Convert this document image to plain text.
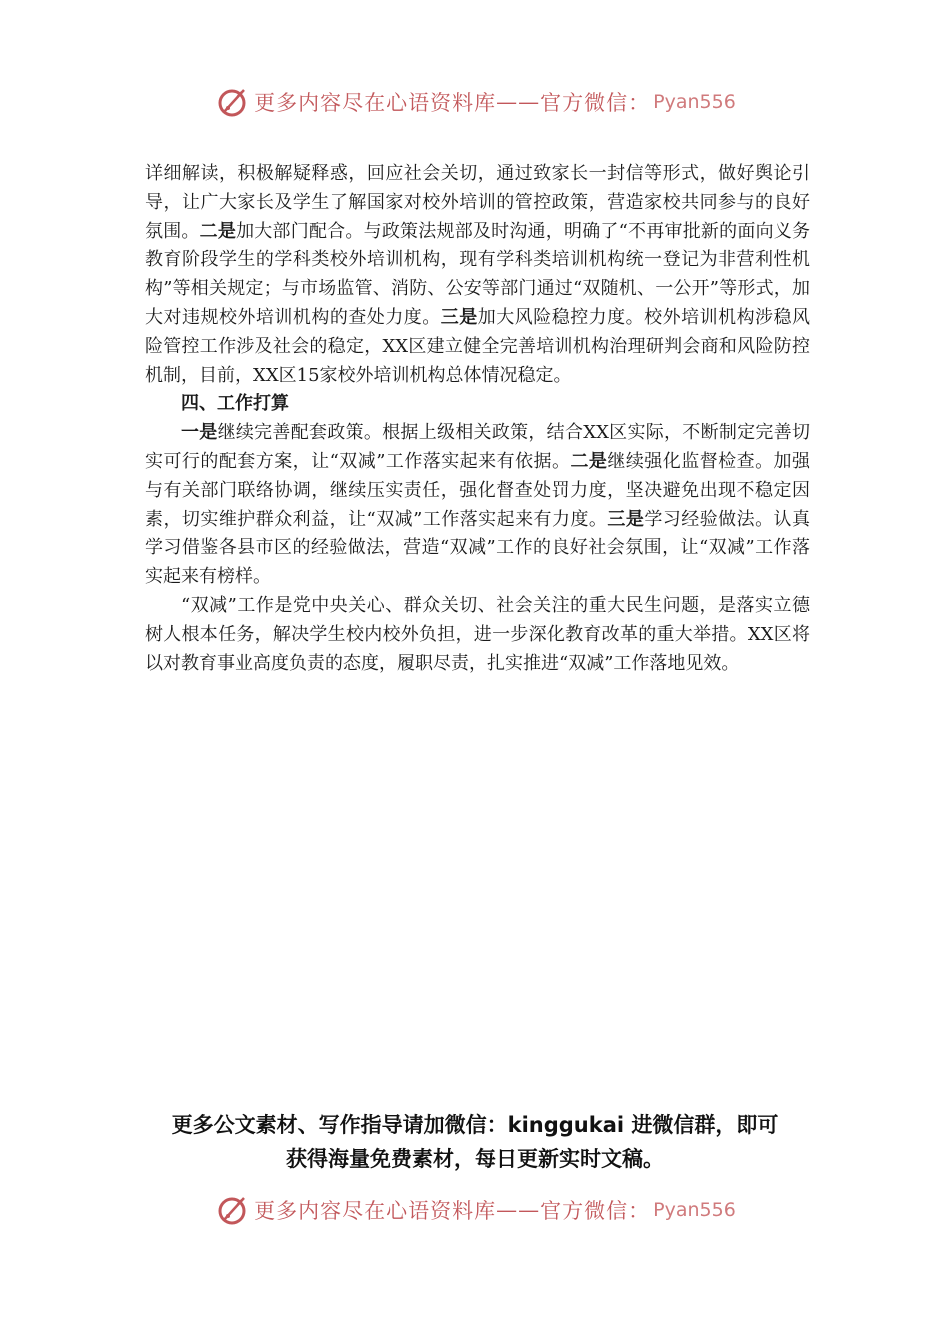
更多内容尽在心语资料库 —— 官方微信： Pyan556

详细解读，积极解疑释惑，回应社会关切，通过致家长一封信等形式，做好舆论引导，让广大家长及学生了解国家对校外培训的管控政策，营造家校共同参与的良好氛围。二是加大部门配合。与政策法规部及时沟通，明确了“不再审批新的面向义务教育阶段学生的学科类校外培训机构，现有学科类培训机构统一登记为非营利性机构”等相关规定；与市场监管、消防、公安等部门通过“双随机、一公开”等形式，加大对违规校外培训机构的查处力度。三是加大风险稳控力度。校外培训机构涉稳风险管控工作涉及社会的稳定，XX区建立健全完善培训机构治理研判会商和风险防控机制，目前，XX区15家校外培训机构总体情况稳定。

四、工作打算

一是继续完善配套政策。根据上级相关政策，结合XX区实际，不断制定完善切实可行的配套方案，让“双减”工作落实起来有依据。二是继续强化监督检查。加强与有关部门联络协调，继续压实责任，强化督查处罚力度，坚决避免出现不稳定因素，切实维护群众利益，让“双减”工作落实起来有力度。三是学习经验做法。认真学习借鉴各县市区的经验做法，营造“双减”工作的良好社会氛围，让“双减”工作落实起来有榜样。

“双减”工作是党中央关心、群众关切、社会关注的重大民生问题，是落实立德树人根本任务，解决学生校内校外负担，进一步深化教育改革的重大举措。XX区将以对教育事业高度负责的态度，履职尽责，扎实推进“双减”工作落地见效。

更多公文素材、写作指导请加微信：kinggukai 进微信群，即可
获得海量免费素材，每日更新实时文稿。
更多内容尽在心语资料库 —— 官方微信： Pyan556
